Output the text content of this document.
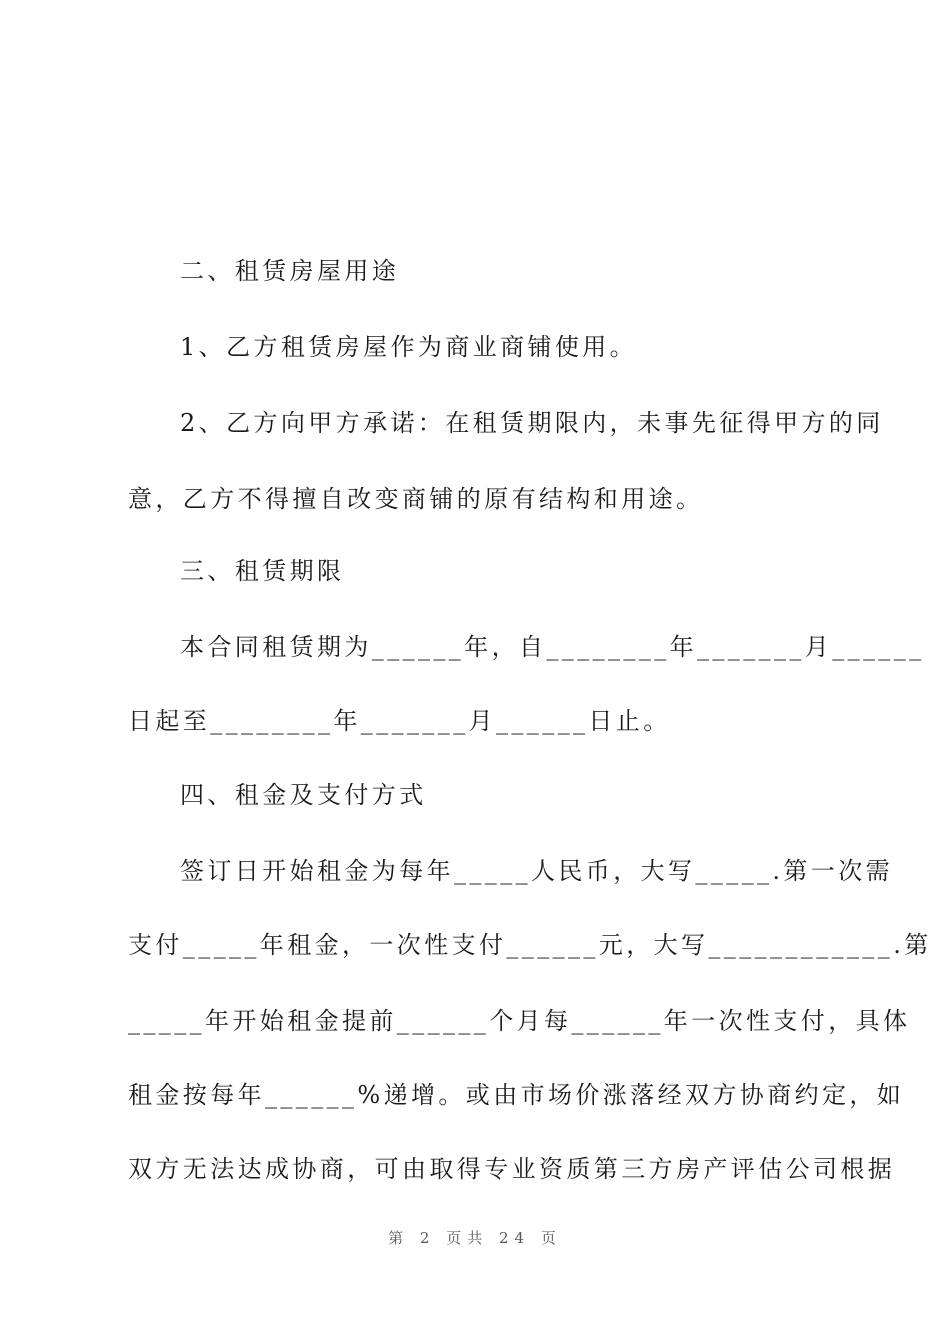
二、租赁房屋用途
1、乙方租赁房屋作为商业商铺使用。
2、乙方向甲方承诺：在租赁期限内，未事先征得甲方的同
意，乙方不得擅自改变商铺的原有结构和用途。
三、租赁期限
本合同租赁期为______年，自________年_______月______
日起至________年_______月______日止。
四、租金及支付方式
签订日开始租金为每年_____人民币，大写_____.第一次需
支付_____年租金，一次性支付______元，大写____________.第
_____年开始租金提前______个月每______年一次性支付，具体
租金按每年______%递增。或由市场价涨落经双方协商约定，如
双方无法达成协商，可由取得专业资质第三方房产评估公司根据
第 2 页共 24 页
